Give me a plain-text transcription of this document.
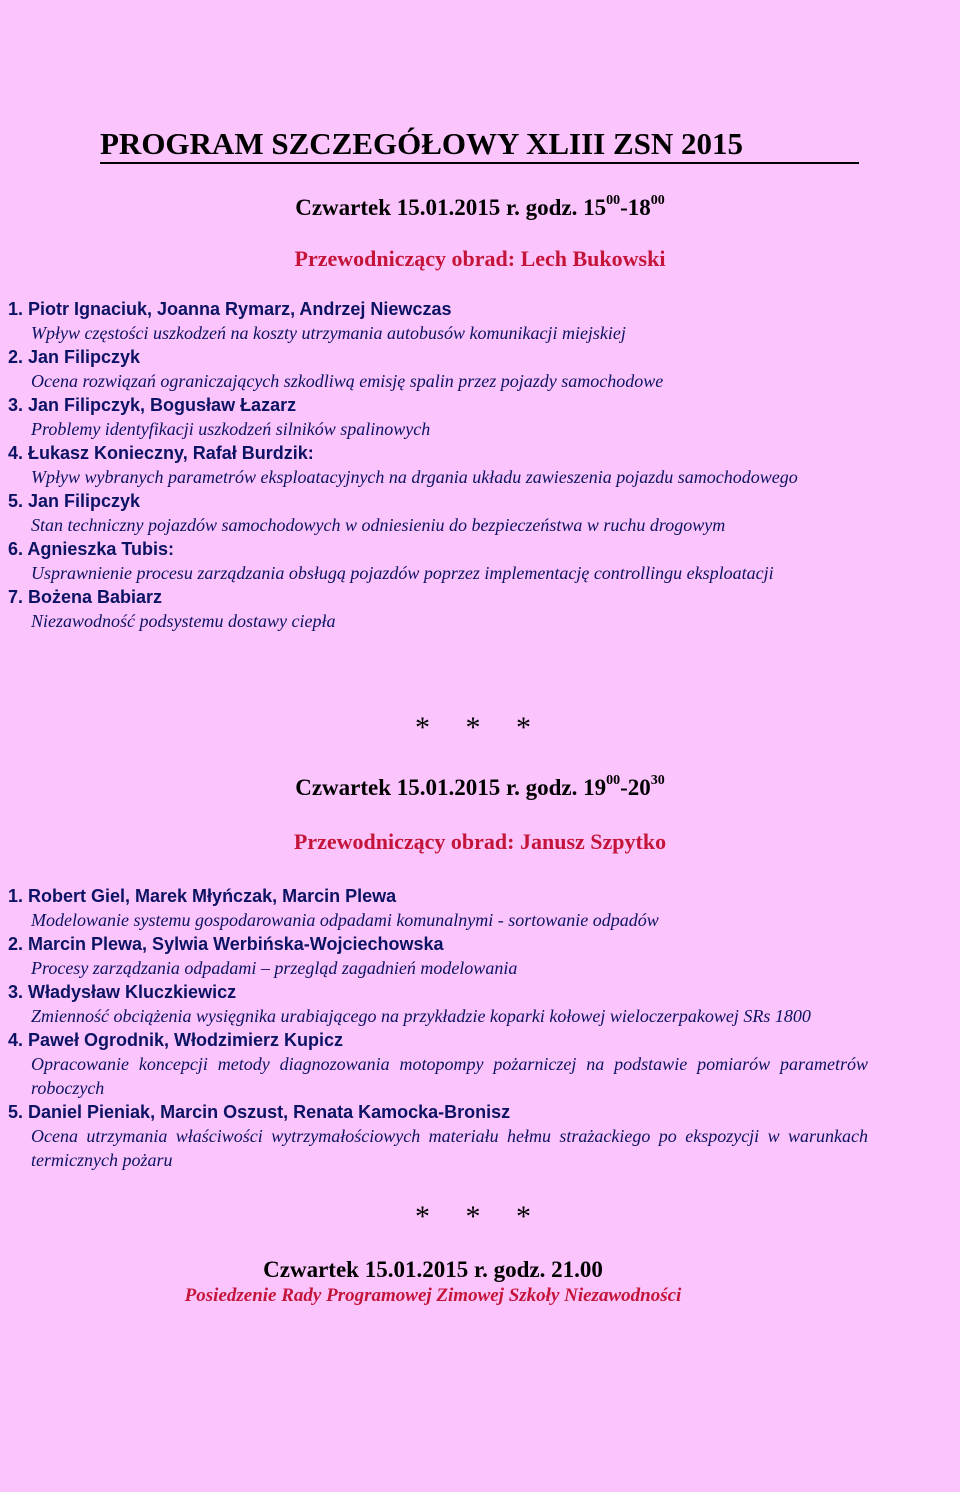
PROGRAM SZCZEGÓŁOWY XLIII ZSN 2015
Czwartek 15.01.2015 r. godz. $15^{00}-18^{00}$
Przewodniczący obrad: Lech Bukowski
1. Piotr Ignaciuk, Joanna Rymarz, Andrzej Niewczas
Wpływ częstości uszkodzeń na koszty utrzymania autobusów komunikacji miejskiej
2. Jan Filipczyk
Ocena rozwiązań ograniczających szkodliwą emisję spalin przez pojazdy samochodowe
3. Jan Filipczyk, Bogusław Łazarz
Problemy identyfikacji uszkodzeń silników spalinowych
4. Łukasz Konieczny, Rafał Burdzik:
Wpływ wybranych parametrów eksploatacyjnych na drgania układu zawieszenia pojazdu samochodowego
5. Jan Filipczyk
Stan techniczny pojazdów samochodowych w odniesieniu do bezpieczeństwa w ruchu drogowym
6. Agnieszka Tubis:
Usprawnienie procesu zarządzania obsługą pojazdów poprzez implementację controllingu eksploatacji
7. Bożena Babiarz
Niezawodność podsystemu dostawy ciepła
* * *
Czwartek 15.01.2015 r. godz. $19^{00}-20^{30}$
Przewodniczący obrad: Janusz Szpytko
1. Robert Giel, Marek Młyńczak, Marcin Plewa
Modelowanie systemu gospodarowania odpadami komunalnymi - sortowanie odpadów
2. Marcin Plewa, Sylwia Werbińska-Wojciechowska
Procesy zarządzania odpadami – przegląd zagadnień modelowania
3. Władysław Kluczkiewicz
Zmienność obciążenia wysięgnika urabiającego na przykładzie koparki kołowej wieloczerpakowej SRs 1800
4. Paweł Ogrodnik, Włodzimierz Kupicz
Opracowanie koncepcji metody diagnozowania motopompy pożarniczej na podstawie pomiarów parametrów roboczych
5. Daniel Pieniak, Marcin Oszust, Renata Kamocka-Bronisz
Ocena utrzymania właściwości wytrzymałościowych materiału hełmu strażackiego po ekspozycji w warunkach termicznych pożaru
* * *
Czwartek 15.01.2015 r. godz. 21.00
Posiedzenie Rady Programowej Zimowej Szkoły Niezawodności
